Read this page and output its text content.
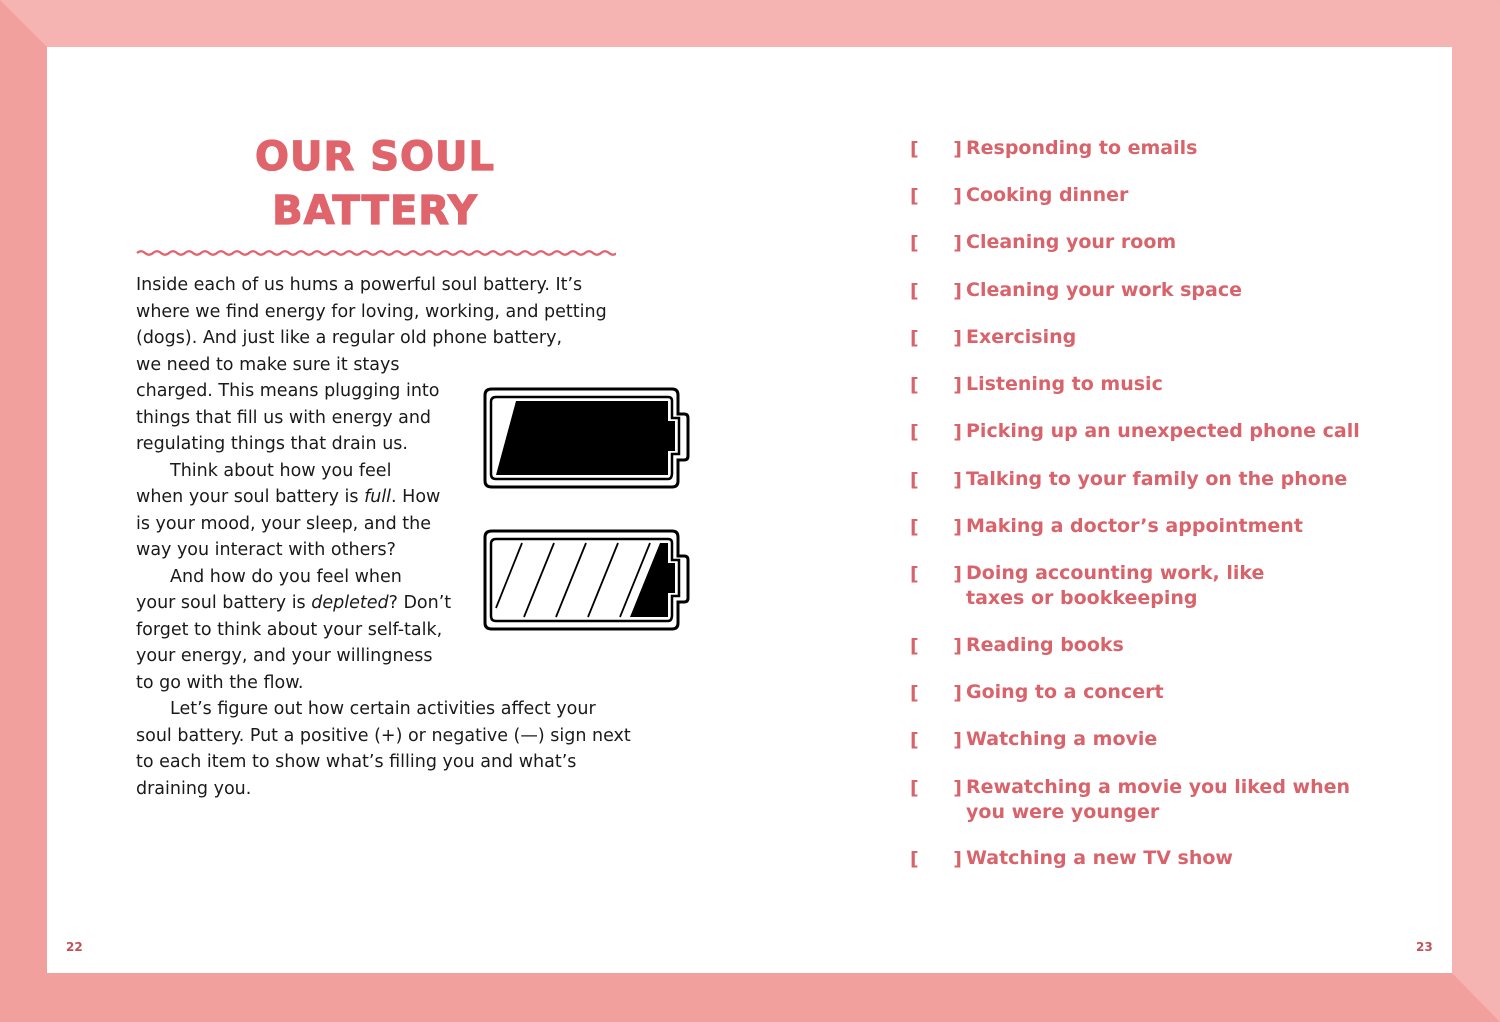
OUR SOUL
BATTERY
Inside each of us hums a powerful soul battery. It’s
where we find energy for loving, working, and petting
(dogs). And just like a regular old phone battery,
we need to make sure it stays
charged. This means plugging into
things that fill us with energy and
regulating things that drain us.
Think about how you feel
when your soul battery is full. How
is your mood, your sleep, and the
way you interact with others?
And how do you feel when
your soul battery is depleted? Don’t
forget to think about your self-talk,
your energy, and your willingness
to go with the flow.
Let’s figure out how certain activities affect your
soul battery. Put a positive (+) or negative (—) sign next
to each item to show what’s filling you and what’s
draining you.
[ ]
Responding to emails
[ ]
Cooking dinner
[ ]
Cleaning your room
[ ]
Cleaning your work space
[ ]
Exercising
[ ]
Listening to music
[ ]
Picking up an unexpected phone call
[ ]
Talking to your family on the phone
[ ]
Making a doctor’s appointment
[ ]
Doing accounting work, like taxes or bookkeeping
[ ]
Reading books
[ ]
Going to a concert
[ ]
Watching a movie
[ ]
Rewatching a movie you liked when you were younger
[ ]
Watching a new TV show
22	23
